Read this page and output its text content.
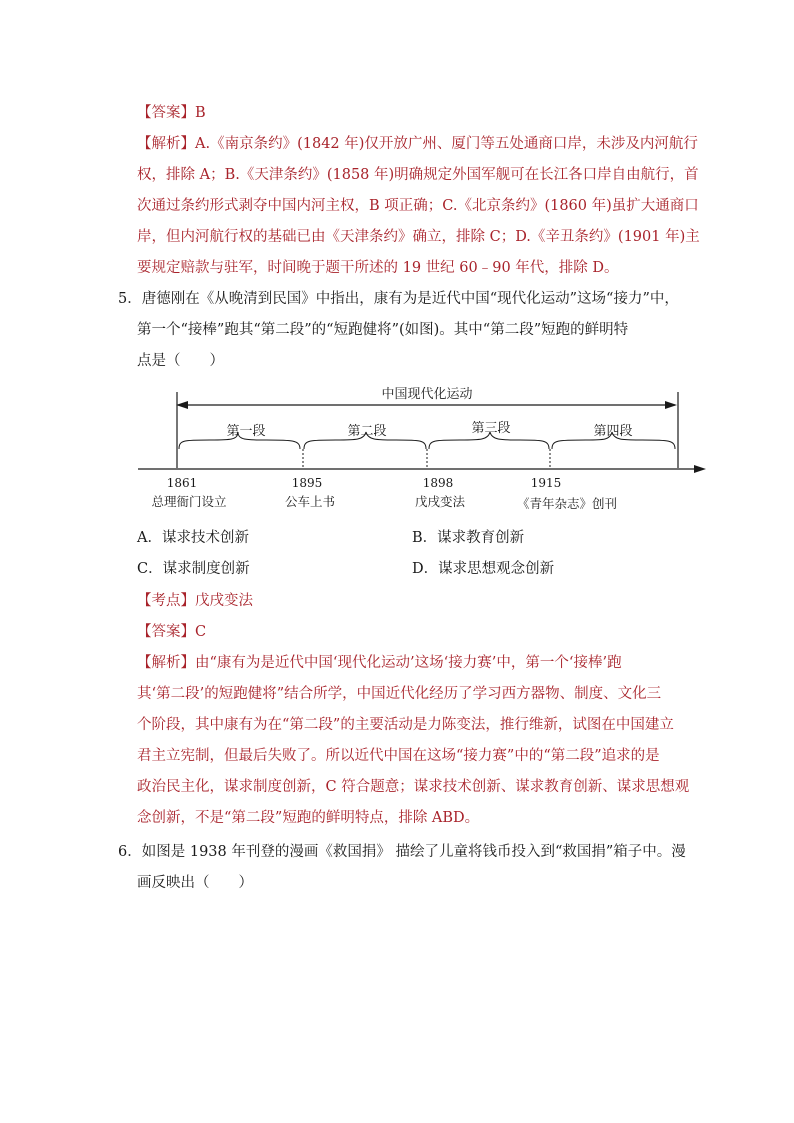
【答案】B
【解析】A.《南京条约》(1842 年)仅开放广州、厦门等五处通商口岸，未涉及内河航行
权，排除 A；B.《天津条约》(1858 年)明确规定外国军舰可在长江各口岸自由航行，首
次通过条约形式剥夺中国内河主权，B 项正确；C.《北京条约》(1860 年)虽扩大通商口
岸，但内河航行权的基础已由《天津条约》确立，排除 C；D.《辛丑条约》(1901 年)主
要规定赔款与驻军，时间晚于题干所述的 19 世纪 60﹣90 年代，排除 D。
5．唐德刚在《从晚清到民国》中指出，康有为是近代中国“现代化运动”这场“接力”中，
第一个“接棒”跑其“第二段”的“短跑健将”(如图)。其中“第二段”短跑的鲜明特
点是（　　）
中国现代化运动
第一段	第二段	第三段	第四段
1861	1895	1898	1915
总理衙门设立	公车上书	戊戌变法	《青年杂志》创刊
A．谋求技术创新	B．谋求教育创新
C．谋求制度创新	D．谋求思想观念创新
【考点】戊戌变法
【答案】C
【解析】由“康有为是近代中国‘现代化运动’这场‘接力赛’中，第一个‘接棒’跑
其‘第二段’的短跑健将”结合所学，中国近代化经历了学习西方器物、制度、文化三
个阶段，其中康有为在“第二段”的主要活动是力陈变法，推行维新，试图在中国建立
君主立宪制，但最后失败了。所以近代中国在这场“接力赛”中的“第二段”追求的是
政治民主化，谋求制度创新，C 符合题意；谋求技术创新、谋求教育创新、谋求思想观
念创新，不是“第二段”短跑的鲜明特点，排除 ABD。
6．如图是 1938 年刊登的漫画《救国捐》 描绘了儿童将钱币投入到“救国捐”箱子中。漫
画反映出（　　）
